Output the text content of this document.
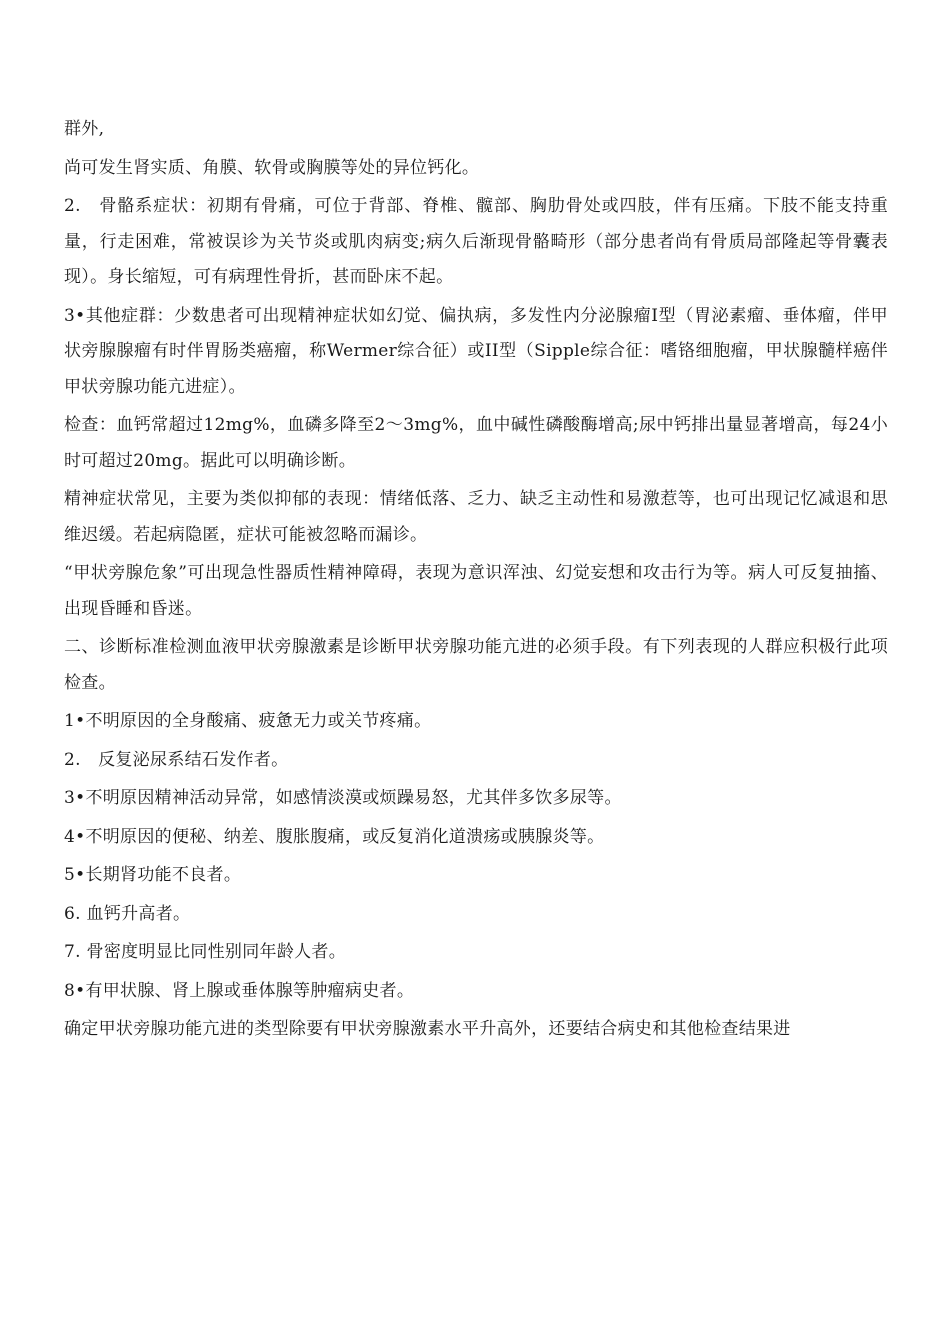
群外,

尚可发生肾实质、角膜、软骨或胸膜等处的异位钙化。

2.　骨骼系症状：初期有骨痛，可位于背部、脊椎、髋部、胸肋骨处或四肢，伴有压痛。下肢不能支持重量，行走困难，常被误诊为关节炎或肌肉病变;病久后渐现骨骼畸形（部分患者尚有骨质局部隆起等骨囊表现）。身长缩短，可有病理性骨折，甚而卧床不起。

3•其他症群：少数患者可出现精神症状如幻觉、偏执病，多发性内分泌腺瘤Ⅰ型（胃泌素瘤、垂体瘤，伴甲状旁腺腺瘤有时伴胃肠类癌瘤，称Wermer综合征）或II型（Sipple综合征：嗜铬细胞瘤，甲状腺髓样癌伴甲状旁腺功能亢进症）。

检查：血钙常超过12mg%，血磷多降至2〜3mg%，血中碱性磷酸酶增高;尿中钙排出量显著增高，每24小时可超过20mg。据此可以明确诊断。

精神症状常见，主要为类似抑郁的表现：情绪低落、乏力、缺乏主动性和易激惹等，也可出现记忆减退和思维迟缓。若起病隐匿，症状可能被忽略而漏诊。

“甲状旁腺危象”可出现急性器质性精神障碍，表现为意识浑浊、幻觉妄想和攻击行为等。病人可反复抽搐、出现昏睡和昏迷。

二、诊断标准检测血液甲状旁腺激素是诊断甲状旁腺功能亢进的必须手段。有下列表现的人群应积极行此项检查。

1•不明原因的全身酸痛、疲惫无力或关节疼痛。

2.　反复泌尿系结石发作者。

3•不明原因精神活动异常，如感情淡漠或烦躁易怒，尤其伴多饮多尿等。

4•不明原因的便秘、纳差、腹胀腹痛，或反复消化道溃疡或胰腺炎等。

5•长期肾功能不良者。

6. 血钙升高者。

7. 骨密度明显比同性别同年龄人者。

8•有甲状腺、肾上腺或垂体腺等肿瘤病史者。

确定甲状旁腺功能亢进的类型除要有甲状旁腺激素水平升高外，还要结合病史和其他检查结果进
